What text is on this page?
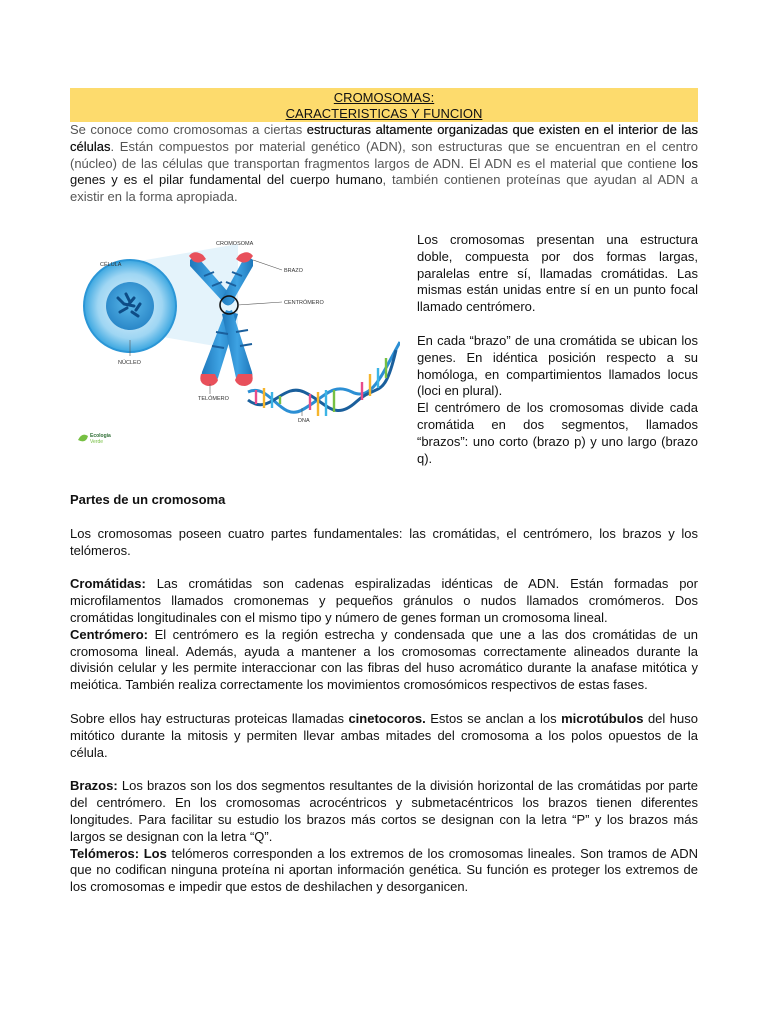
CROMOSOMAS:
CARACTERISTICAS Y FUNCION

Se conoce como cromosomas a ciertas estructuras altamente organizadas que existen en el interior de las células. Están compuestos por material genético (ADN), son estructuras que se encuentran en el centro (núcleo) de las células que transportan fragmentos largos de ADN. El ADN es el material que contiene los genes y es el pilar fundamental del cuerpo humano, también contienen proteínas que ayudan al ADN a existir en la forma apropiada.

CROMOSOMA
CÉLULA
BRAZO
CENTRÓMERO
NÚCLEO
TELÓMERO
DNA
Ecologia
Verde

Los cromosomas presentan una estructura doble, compuesta por dos formas largas, paralelas entre sí, llamadas cromátidas. Las mismas están unidas entre sí en un punto focal llamado centrómero.

En cada “brazo” de una cromátida se ubican los genes. En idéntica posición respecto a su homóloga, en compartimientos llamados locus (loci en plural).

El centrómero de los cromosomas divide cada cromátida en dos segmentos, llamados “brazos”: uno corto (brazo p) y uno largo (brazo q).

Partes de un cromosoma

Los cromosomas poseen cuatro partes fundamentales: las cromátidas, el centrómero, los brazos y los telómeros.

Cromátidas: Las cromátidas son cadenas espiralizadas idénticas de ADN. Están formadas por microfilamentos llamados cromonemas y pequeños gránulos o nudos llamados cromómeros. Dos cromátidas longitudinales con el mismo tipo y número de genes forman un cromosoma lineal.

Centrómero: El centrómero es la región estrecha y condensada que une a las dos cromátidas de un cromosoma lineal. Además, ayuda a mantener a los cromosomas correctamente alineados durante la división celular y les permite interaccionar con las fibras del huso acromático durante la anafase mitótica y meiótica. También realiza correctamente los movimientos cromosómicos respectivos de estas fases.

Sobre ellos hay estructuras proteicas llamadas cinetocoros. Estos se anclan a los microtúbulos del huso mitótico durante la mitosis y permiten llevar ambas mitades del cromosoma a los polos opuestos de la célula.

Brazos: Los brazos son los dos segmentos resultantes de la división horizontal de las cromátidas por parte del centrómero. En los cromosomas acrocéntricos y submetacéntricos los brazos tienen diferentes longitudes. Para facilitar su estudio los brazos más cortos se designan con la letra “P” y los brazos más largos se designan con la letra “Q”.

Telómeros: Los telómeros corresponden a los extremos de los cromosomas lineales. Son tramos de ADN que no codifican ninguna proteína ni aportan información genética. Su función es proteger los extremos de los cromosomas e impedir que estos de deshilachen y desorganicen.
